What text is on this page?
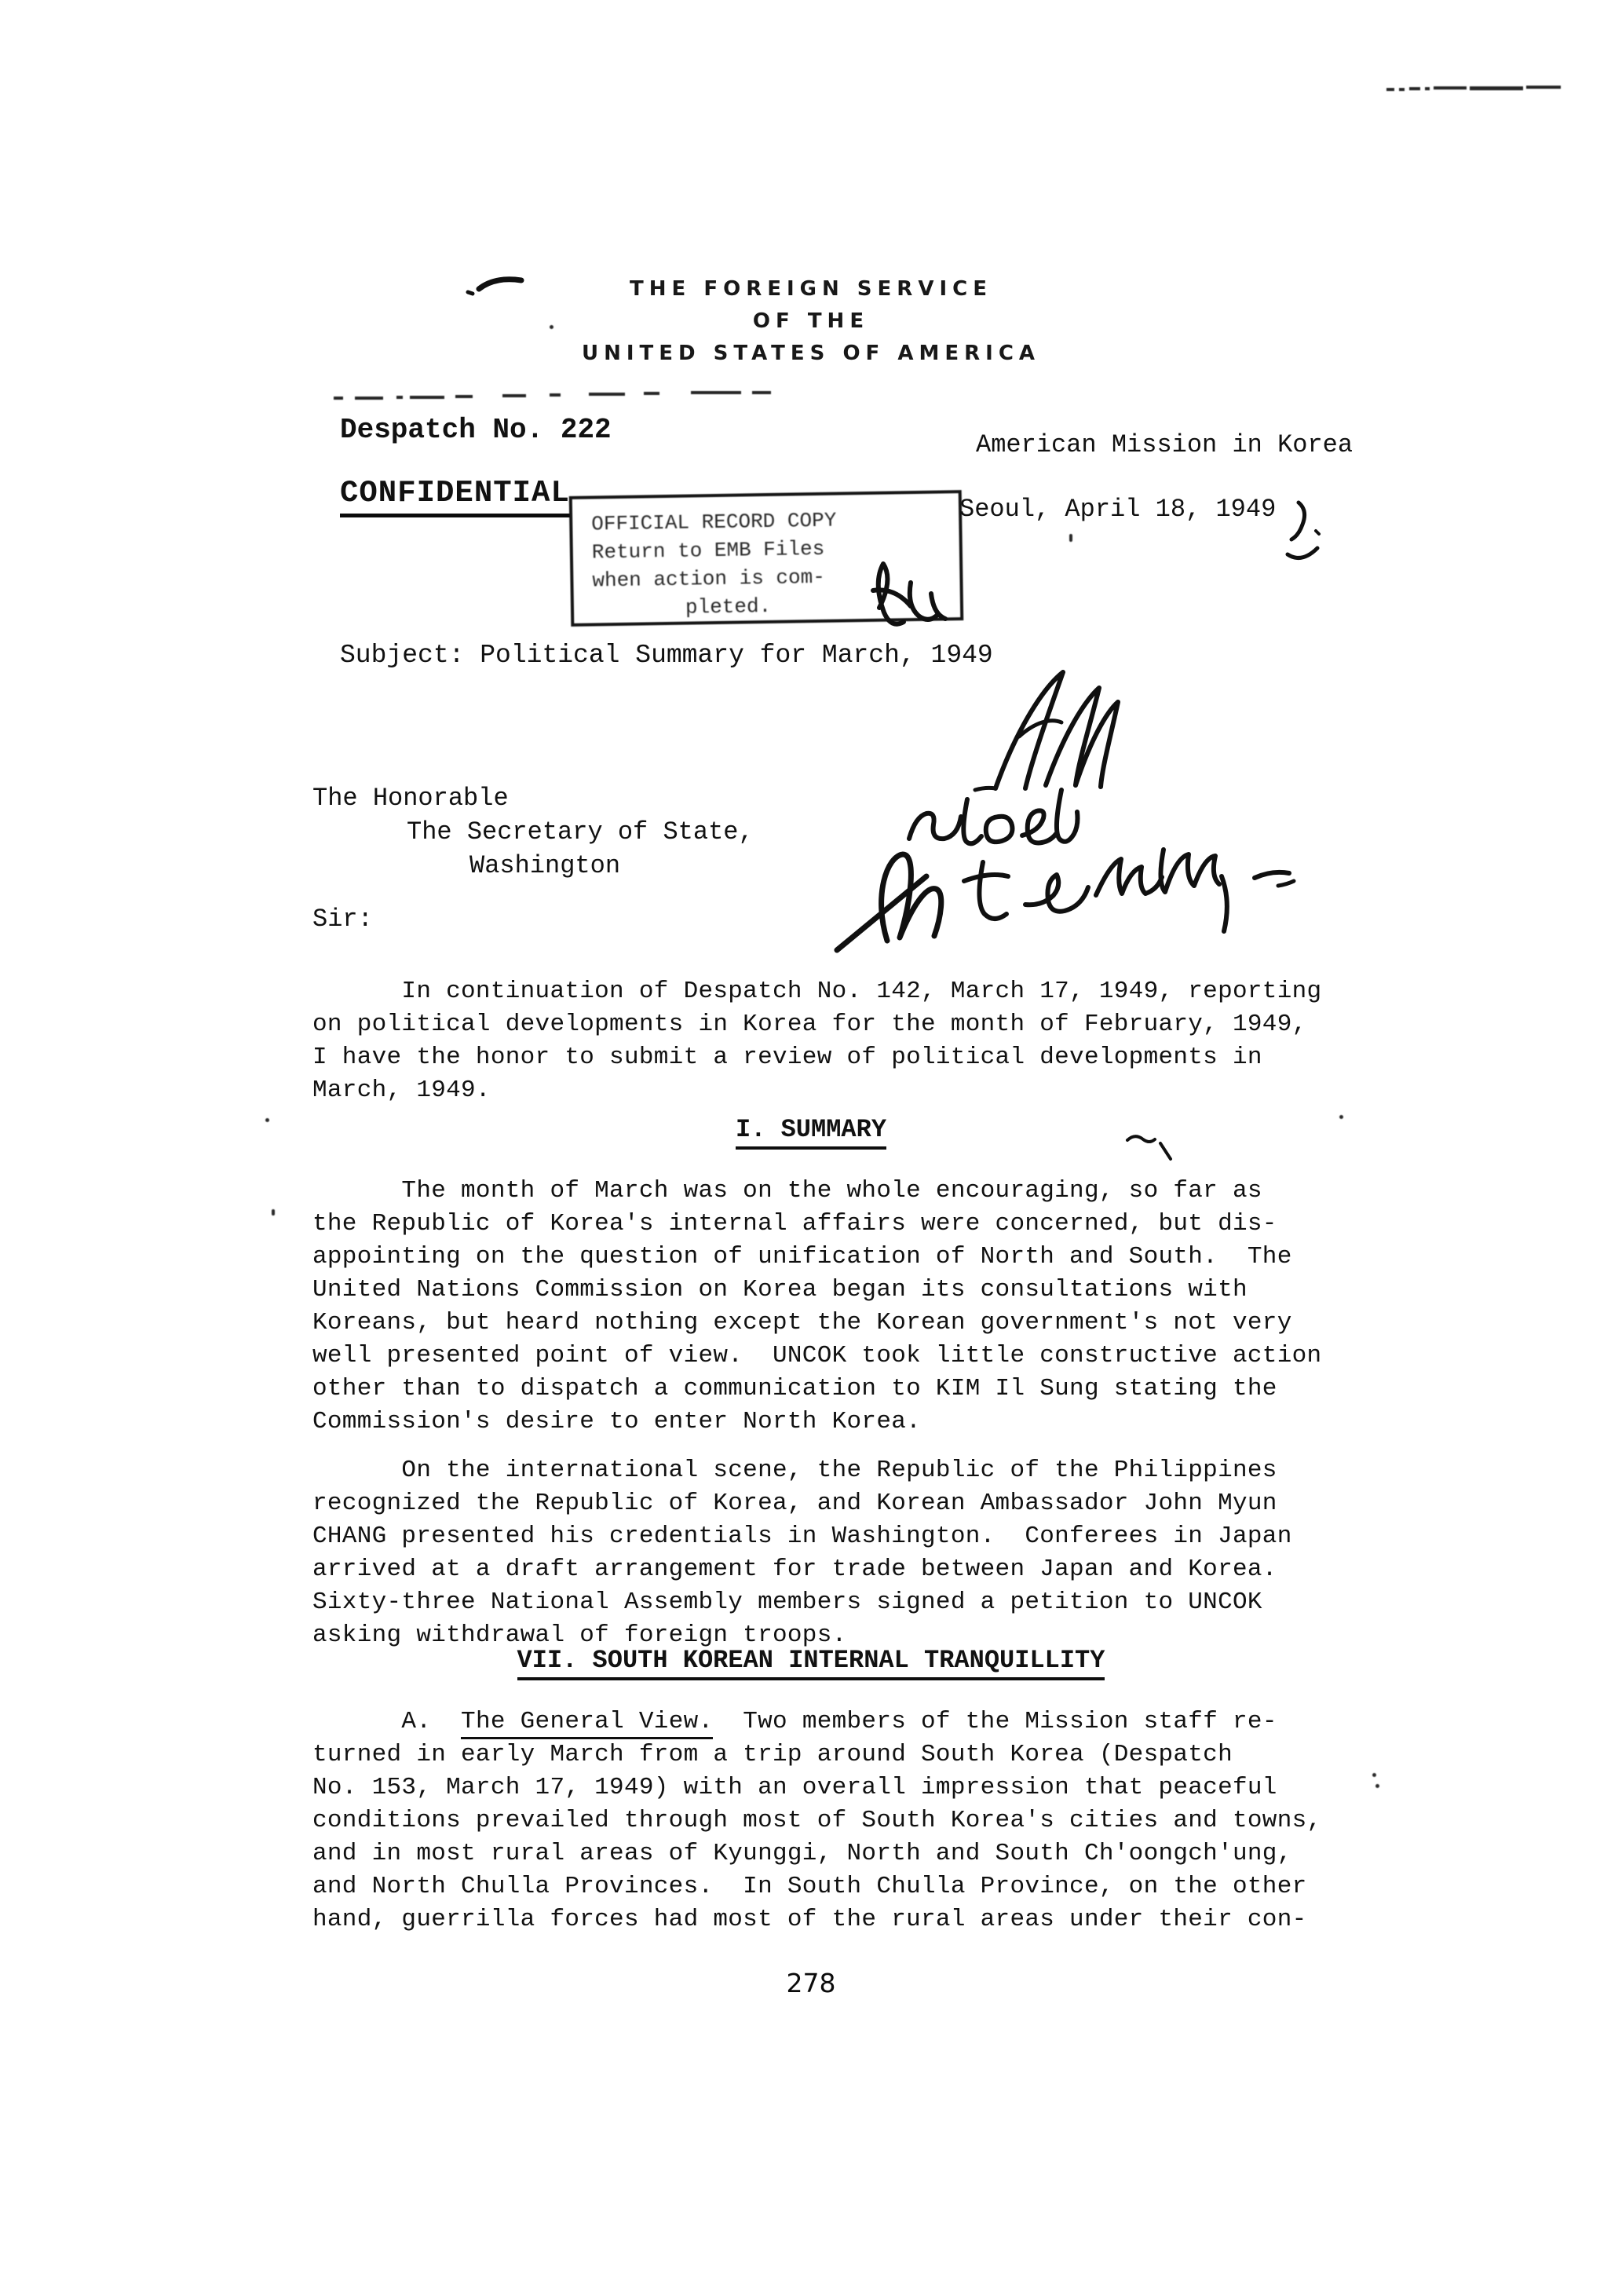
THE FOREIGN SERVICE
OF THE
UNITED STATES OF AMERICA
Despatch No. 222	American Mission in Korea
CONFIDENTIAL
OFFICIAL RECORD COPY
Return to EMB Files
when action is com-
pleted.
Seoul, April 18, 1949
Subject: Political Summary for March, 1949
The Honorable
The Secretary of State,
Washington
Sir:
In continuation of Despatch No. 142, March 17, 1949, reporting
on political developments in Korea for the month of February, 1949,
I have the honor to submit a review of political developments in
March, 1949.
I. SUMMARY
The month of March was on the whole encouraging, so far as
the Republic of Korea's internal affairs were concerned, but dis-
appointing on the question of unification of North and South.  The
United Nations Commission on Korea began its consultations with
Koreans, but heard nothing except the Korean government's not very
well presented point of view.  UNCOK took little constructive action
other than to dispatch a communication to KIM Il Sung stating the
Commission's desire to enter North Korea.
On the international scene, the Republic of the Philippines
recognized the Republic of Korea, and Korean Ambassador John Myun
CHANG presented his credentials in Washington.  Conferees in Japan
arrived at a draft arrangement for trade between Japan and Korea.
Sixty-three National Assembly members signed a petition to UNCOK
asking withdrawal of foreign troops.
VII. SOUTH KOREAN INTERNAL TRANQUILLITY
A.  The General View.  Two members of the Mission staff re-
turned in early March from a trip around South Korea (Despatch
No. 153, March 17, 1949) with an overall impression that peaceful
conditions prevailed through most of South Korea's cities and towns,
and in most rural areas of Kyunggi, North and South Ch'oongch'ung,
and North Chulla Provinces.  In South Chulla Province, on the other
hand, guerrilla forces had most of the rural areas under their con-
278
